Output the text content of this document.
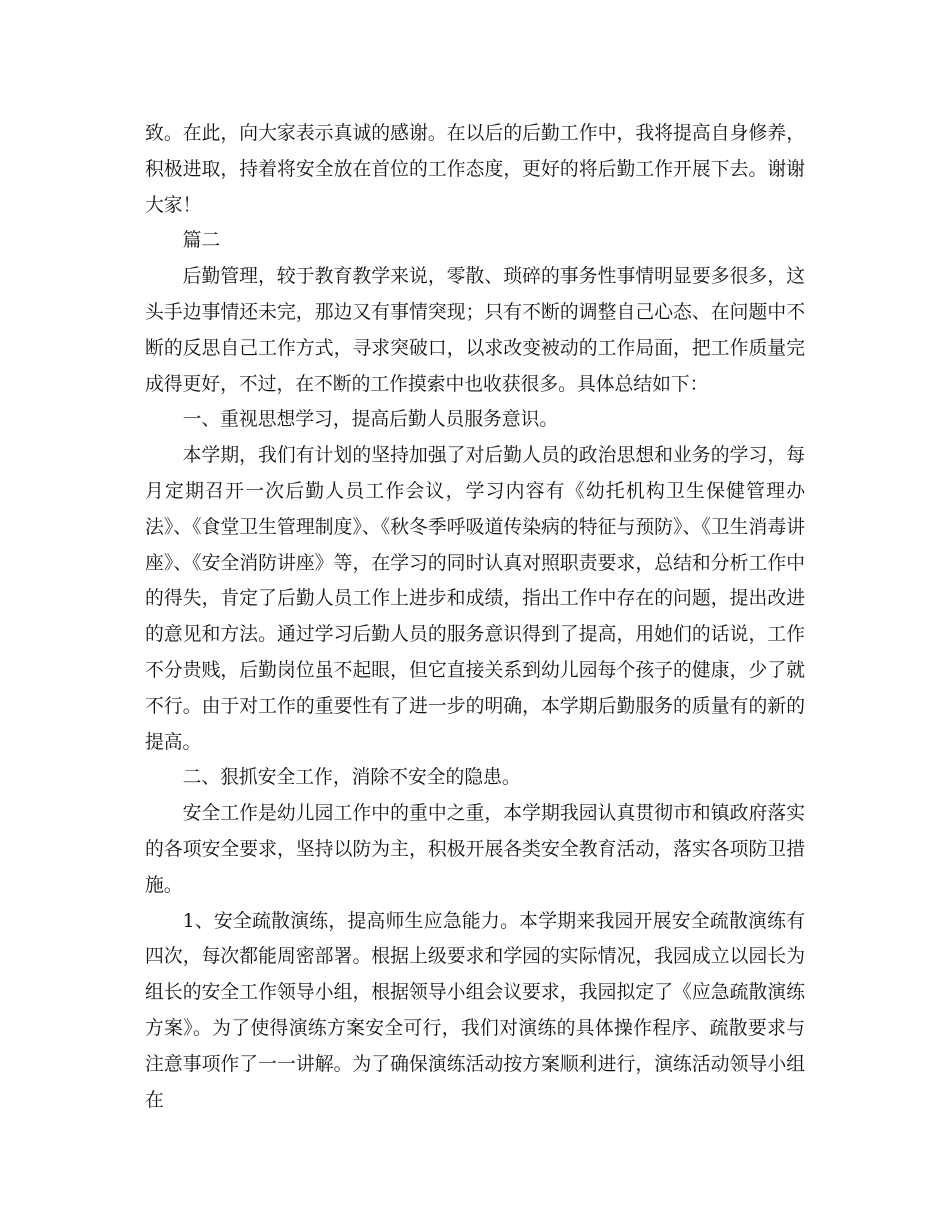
致。在此，向大家表示真诚的感谢。在以后的后勤工作中，我将提高自身修养，积极进取，持着将安全放在首位的工作态度，更好的将后勤工作开展下去。谢谢大家！

篇二

后勤管理，较于教育教学来说，零散、琐碎的事务性事情明显要多很多，这头手边事情还未完，那边又有事情突现；只有不断的调整自己心态、在问题中不断的反思自己工作方式，寻求突破口，以求改变被动的工作局面，把工作质量完成得更好，不过，在不断的工作摸索中也收获很多。具体总结如下：

一、重视思想学习，提高后勤人员服务意识。

本学期，我们有计划的坚持加强了对后勤人员的政治思想和业务的学习，每月定期召开一次后勤人员工作会议，学习内容有《幼托机构卫生保健管理办法》、《食堂卫生管理制度》、《秋冬季呼吸道传染病的特征与预防》、《卫生消毒讲座》、《安全消防讲座》等，在学习的同时认真对照职责要求，总结和分析工作中的得失，肯定了后勤人员工作上进步和成绩，指出工作中存在的问题，提出改进的意见和方法。通过学习后勤人员的服务意识得到了提高，用她们的话说，工作不分贵贱，后勤岗位虽不起眼，但它直接关系到幼儿园每个孩子的健康，少了就不行。由于对工作的重要性有了进一步的明确，本学期后勤服务的质量有的新的提高。

二、狠抓安全工作，消除不安全的隐患。

安全工作是幼儿园工作中的重中之重，本学期我园认真贯彻市和镇政府落实的各项安全要求，坚持以防为主，积极开展各类安全教育活动，落实各项防卫措施。

1、安全疏散演练，提高师生应急能力。本学期来我园开展安全疏散演练有四次，每次都能周密部署。根据上级要求和学园的实际情况，我园成立以园长为组长的安全工作领导小组，根据领导小组会议要求，我园拟定了《应急疏散演练方案》。为了使得演练方案安全可行，我们对演练的具体操作程序、疏散要求与注意事项作了一一讲解。为了确保演练活动按方案顺利进行，演练活动领导小组在
